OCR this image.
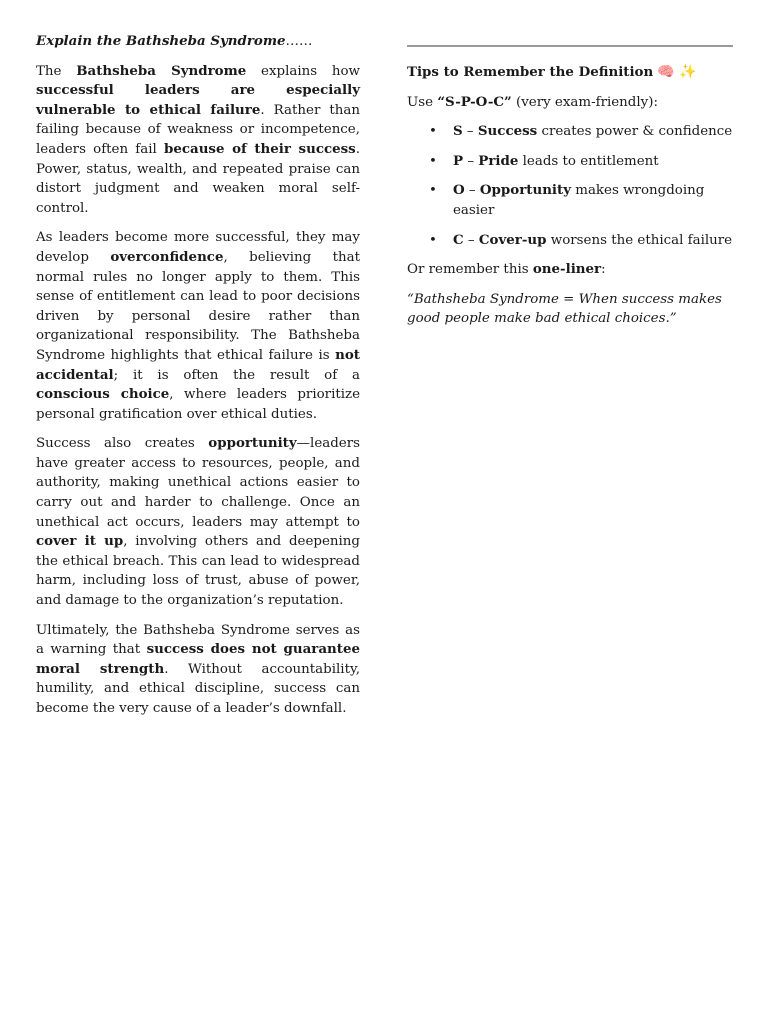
Explain the Bathsheba Syndrome……

The Bathsheba Syndrome explains how successful leaders are especially vulnerable to ethical failure. Rather than failing because of weakness or incompetence, leaders often fail because of their success. Power, status, wealth, and repeated praise can distort judgment and weaken moral self-control.

As leaders become more successful, they may develop overconfidence, believing that normal rules no longer apply to them. This sense of entitlement can lead to poor decisions driven by personal desire rather than organizational responsibility. The Bathsheba Syndrome highlights that ethical failure is not accidental; it is often the result of a conscious choice, where leaders prioritize personal gratification over ethical duties.

Success also creates opportunity—leaders have greater access to resources, people, and authority, making unethical actions easier to carry out and harder to challenge. Once an unethical act occurs, leaders may attempt to cover it up, involving others and deepening the ethical breach. This can lead to widespread harm, including loss of trust, abuse of power, and damage to the organization’s reputation.

Ultimately, the Bathsheba Syndrome serves as a warning that success does not guarantee moral strength. Without accountability, humility, and ethical discipline, success can become the very cause of a leader’s downfall.

Tips to Remember the Definition 🧠 ✨

Use “S-P-O-C” (very exam-friendly):

• S – Success creates power & confidence
• P – Pride leads to entitlement
• O – Opportunity makes wrongdoing easier
• C – Cover-up worsens the ethical failure

Or remember this one-liner:

“Bathsheba Syndrome = When success makes good people make bad ethical choices.”
